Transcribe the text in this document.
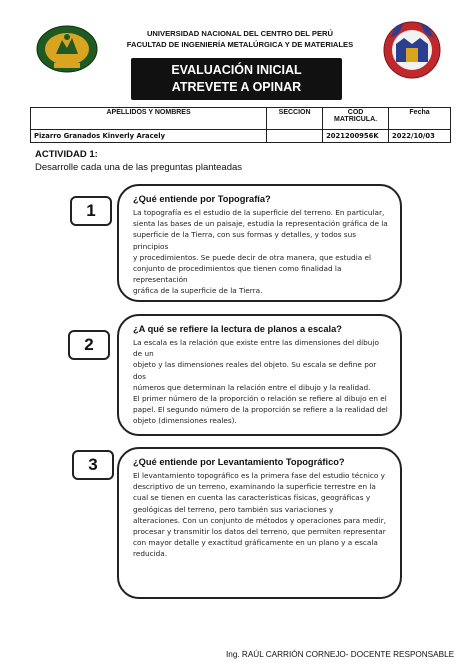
UNIVERSIDAD NACIONAL DEL CENTRO DEL PERÚ
FACULTAD DE INGENIERÍA METALÚRGICA Y DE MATERIALES
EVALUACIÓN INICIAL
ATREVETE A OPINAR
APELLIDOS Y NOMBRES	SECCION	COD MATRICULA.	Fecha
Pizarro Granados Kinverly Aracely		2021200956K	2022/10/03
ACTIVIDAD 1:
Desarrolle cada una de las preguntas planteadas
1
¿Qué entiende por Topografía?
La topografía es el estudio de la superficie del terreno. En particular,
sienta las bases de un paisaje, estudia la representación gráfica de la
superficie de la Tierra, con sus formas y detalles, y todos sus principios
y procedimientos. Se puede decir de otra manera, que estudia el
conjunto de procedimientos que tienen como finalidad la representación
gráfica de la superficie de la Tierra.
2
¿A qué se refiere la lectura de planos a escala?
La escala es la relación que existe entre las dimensiones del dibujo de un
objeto y las dimensiones reales del objeto. Su escala se define por dos
números que determinan la relación entre el dibujo y la realidad.
El primer número de la proporción o relación se refiere al dibujo en el
papel. El segundo número de la proporción se refiere a la realidad del
objeto (dimensiones reales).
3	¿Qué entiende por Levantamiento Topográfico?
El levantamiento topográfico es la primera fase del estudio técnico y
descriptivo de un terreno, examinando la superficie terrestre en la
cual se tienen en cuenta las características físicas, geográficas y
geológicas del terreno, pero también sus variaciones y
alteraciones. Con un conjunto de métodos y operaciones para medir,
procesar y transmitir los datos del terreno, que permiten representar
con mayor detalle y exactitud gráficamente en un plano y a escala
reducida.
Ing. RAÚL CARRIÓN CORNEJO- DOCENTE RESPONSABLE
